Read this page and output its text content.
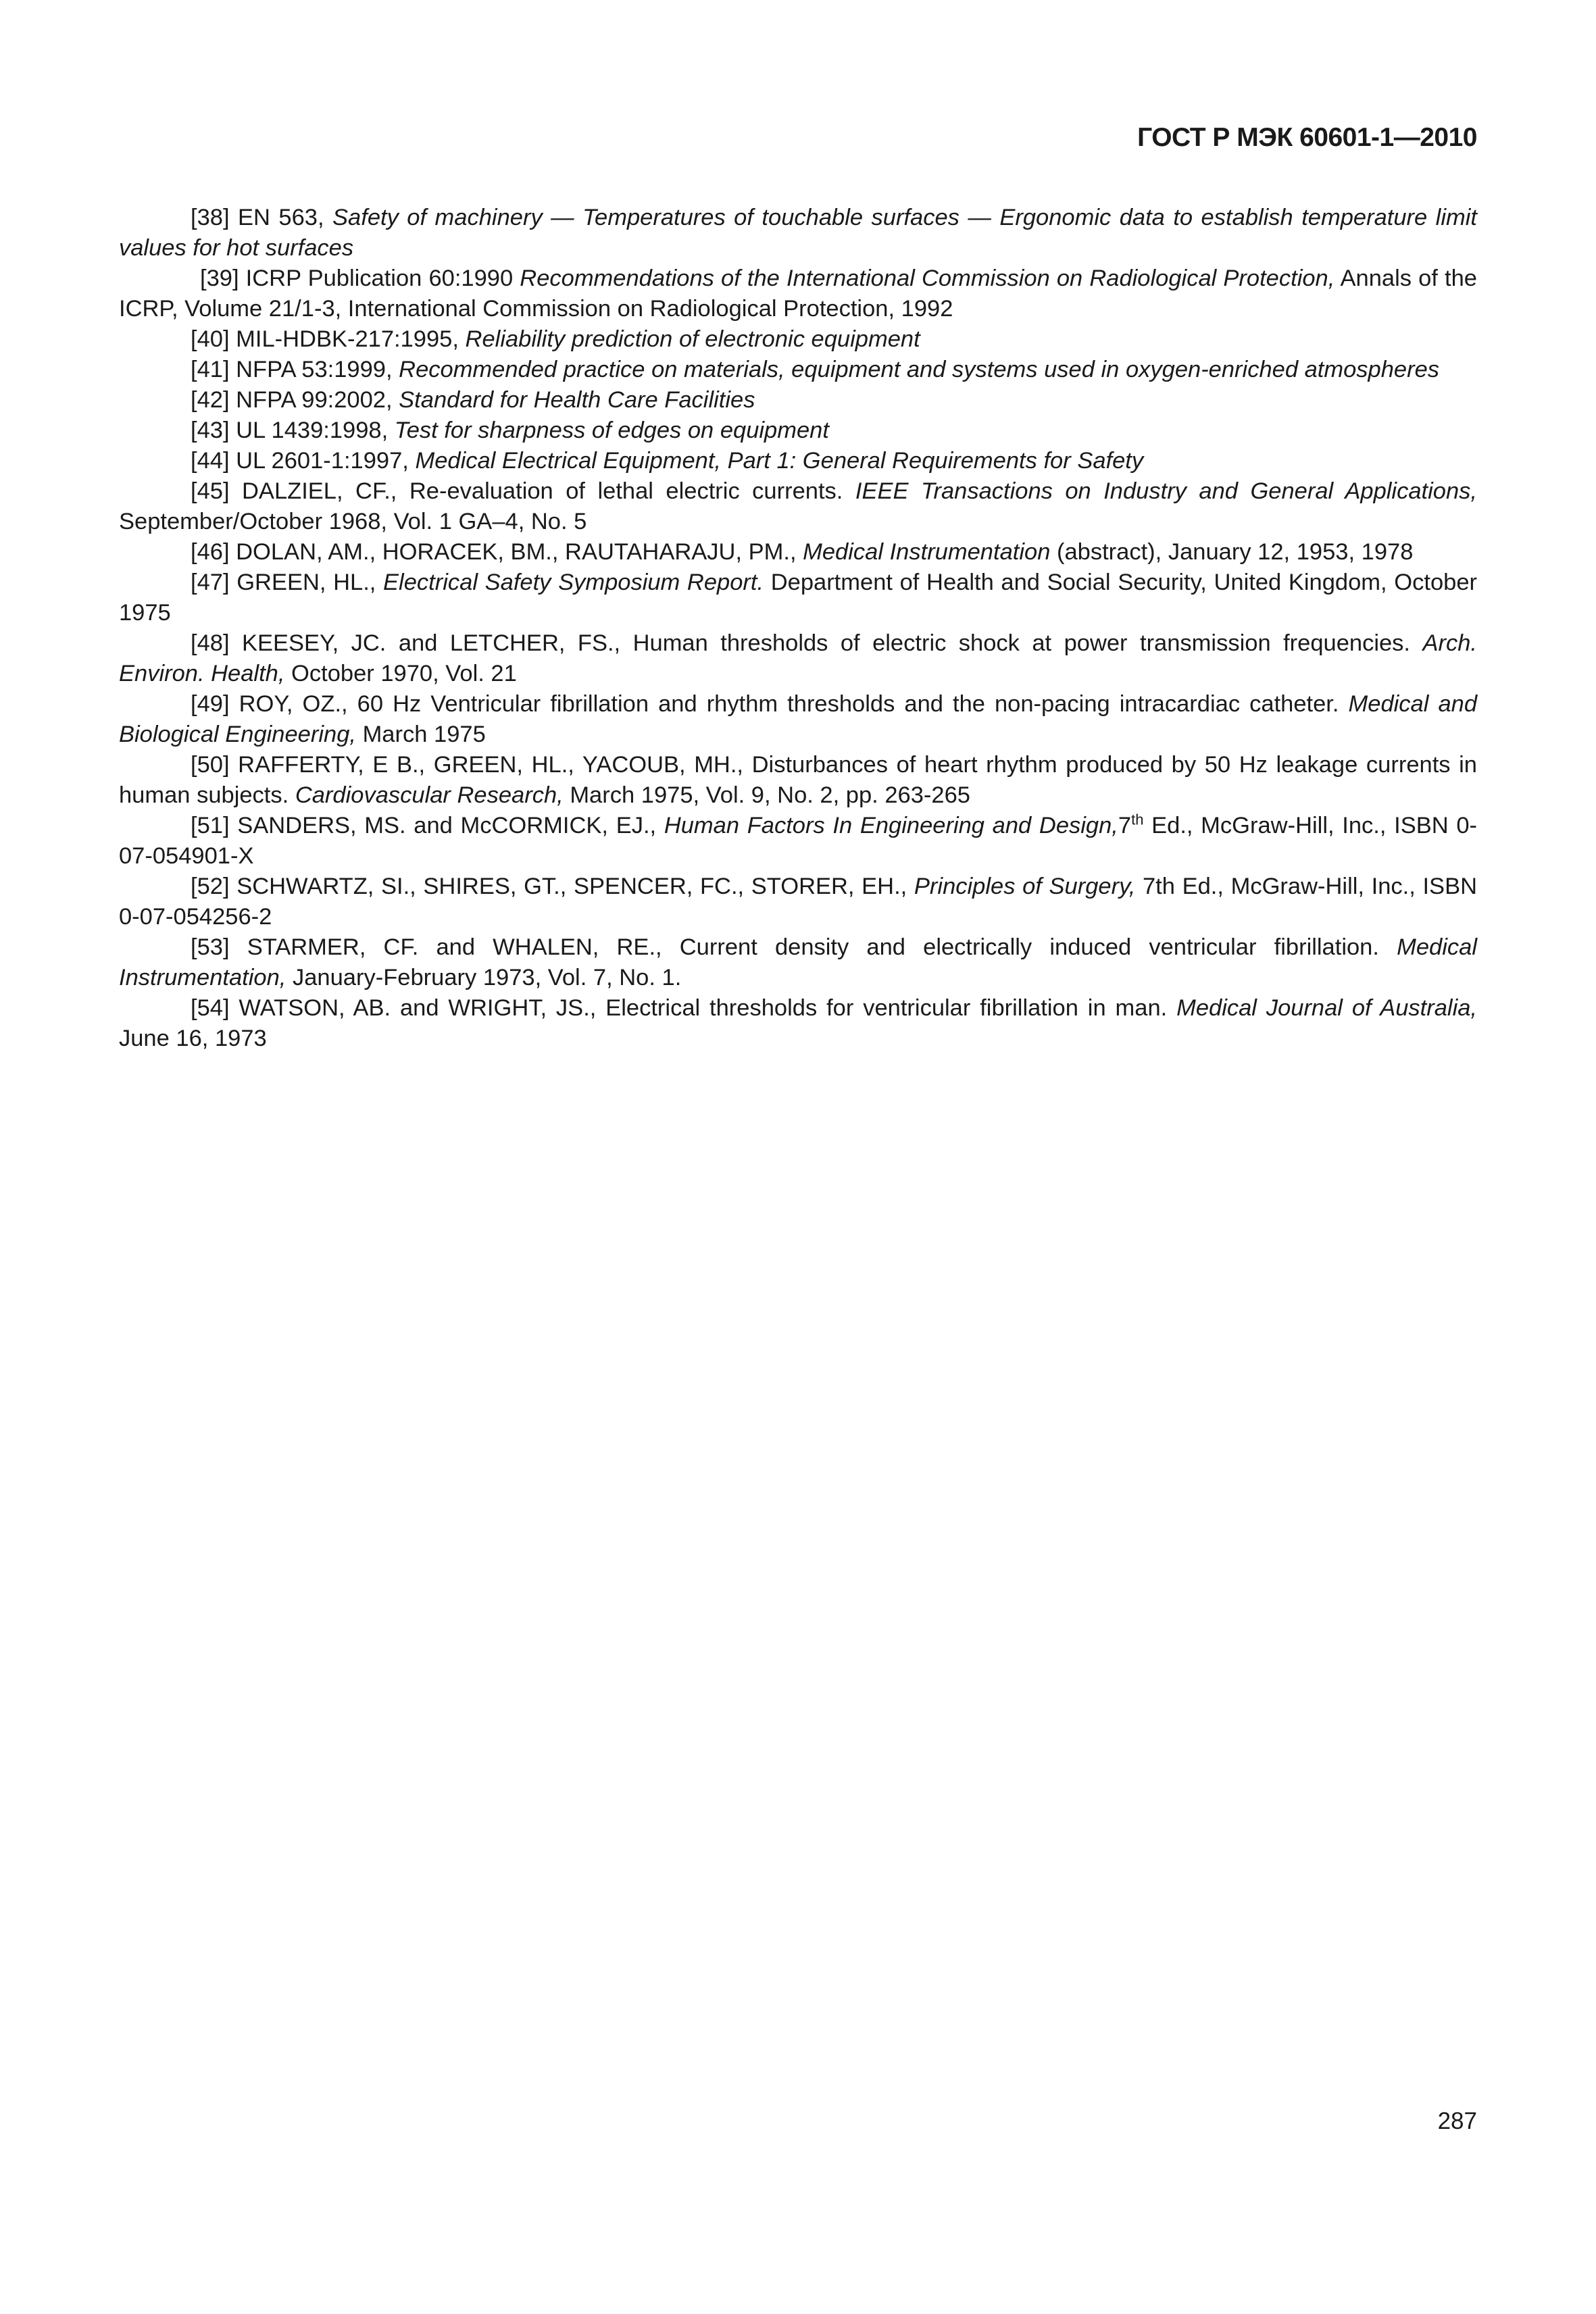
ГОСТ Р МЭК 60601-1—2010

[38] EN 563, Safety of machinery — Temperatures of touchable surfaces — Ergonomic data to establish temperature limit values for hot surfaces

[39] ICRP Publication 60:1990 Recommendations of the International Commission on Radiological Protection, Annals of the ICRP, Volume 21/1-3, International Commission on Radiological Protection, 1992

[40] MIL-HDBK-217:1995, Reliability prediction of electronic equipment

[41] NFPA 53:1999, Recommended practice on materials, equipment and systems used in oxygen-enriched atmospheres

[42] NFPA 99:2002, Standard for Health Care Facilities

[43] UL 1439:1998, Test for sharpness of edges on equipment

[44] UL 2601-1:1997, Medical Electrical Equipment, Part 1: General Requirements for Safety

[45] DALZIEL, CF., Re-evaluation of lethal electric currents. IEEE Transactions on Industry and General Applications, September/October 1968, Vol. 1 GA–4, No. 5

[46] DOLAN, AM., HORACEK, BM., RAUTAHARAJU, PM., Medical Instrumentation (abstract), January 12, 1953, 1978

[47] GREEN, HL., Electrical Safety Symposium Report. Department of Health and Social Security, United Kingdom, October 1975

[48] KEESEY, JC. and LETCHER, FS., Human thresholds of electric shock at power transmission frequencies. Arch. Environ. Health, October 1970, Vol. 21

[49] ROY, OZ., 60 Hz Ventricular fibrillation and rhythm thresholds and the non-pacing intracardiac catheter. Medical and Biological Engineering, March 1975

[50] RAFFERTY, E B., GREEN, HL., YACOUB, MH., Disturbances of heart rhythm produced by 50 Hz leakage currents in human subjects. Cardiovascular Research, March 1975, Vol. 9, No. 2, pp. 263-265

[51] SANDERS, MS. and McCORMICK, EJ., Human Factors In Engineering and Design,7th Ed., McGraw-Hill, Inc., ISBN 0-07-054901-X

[52] SCHWARTZ, SI., SHIRES, GT., SPENCER, FC., STORER, EH., Principles of Surgery, 7th Ed., McGraw-Hill, Inc., ISBN 0-07-054256-2

[53] STARMER, CF. and WHALEN, RE., Current density and electrically induced ventricular fibrillation. Medical Instrumentation, January-February 1973, Vol. 7, No. 1.

[54] WATSON, AB. and WRIGHT, JS., Electrical thresholds for ventricular fibrillation in man. Medical Journal of Australia, June 16, 1973

287
